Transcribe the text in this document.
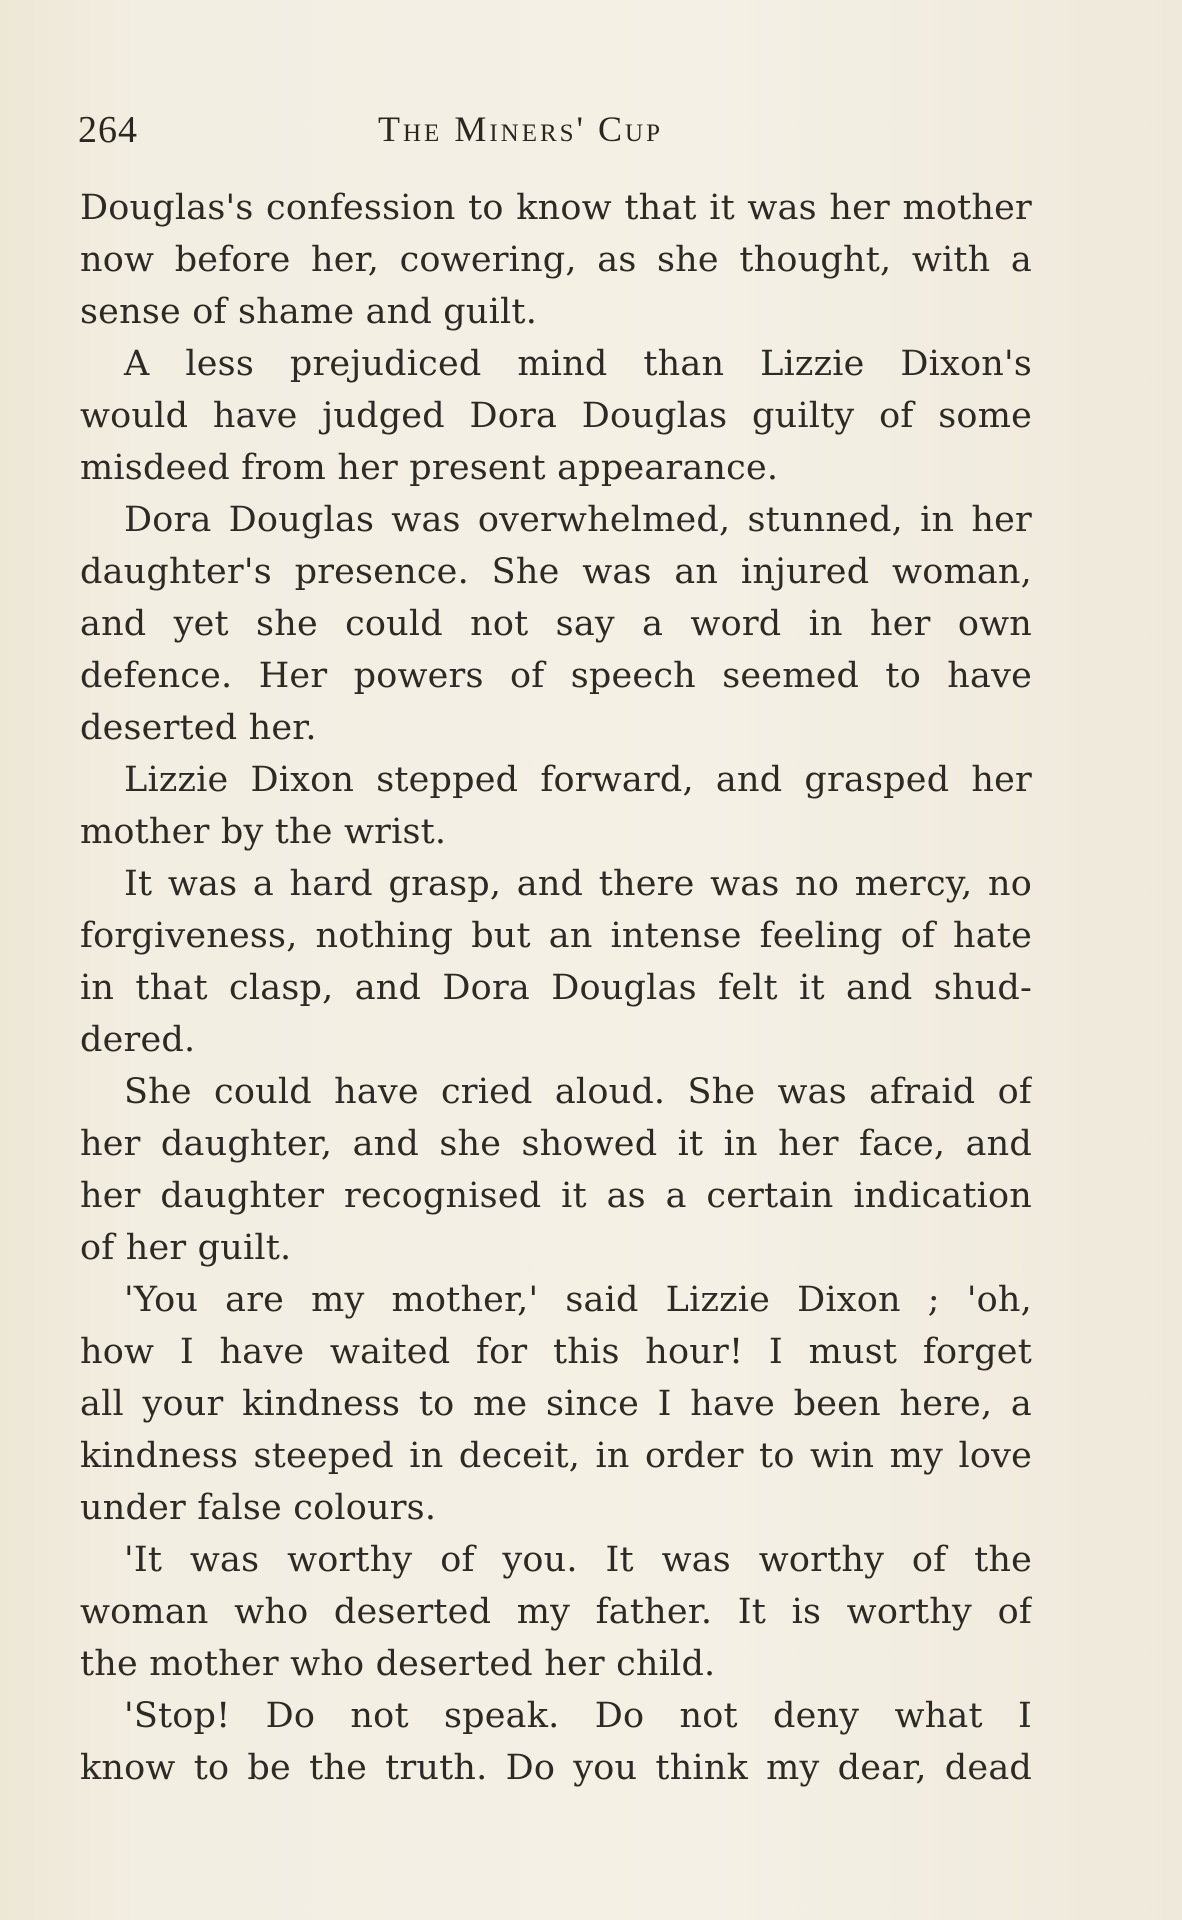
264	The Miners' Cup
Douglas's confession to know that it was her mother
now before her, cowering, as she thought, with a
sense of shame and guilt.
A less prejudiced mind than Lizzie Dixon's
would have judged Dora Douglas guilty of some
misdeed from her present appearance.
Dora Douglas was overwhelmed, stunned, in her
daughter's presence. She was an injured woman,
and yet she could not say a word in her own
defence. Her powers of speech seemed to have
deserted her.
Lizzie Dixon stepped forward, and grasped her
mother by the wrist.
It was a hard grasp, and there was no mercy, no
forgiveness, nothing but an intense feeling of hate
in that clasp, and Dora Douglas felt it and shud-
dered.
She could have cried aloud. She was afraid of
her daughter, and she showed it in her face, and
her daughter recognised it as a certain indication
of her guilt.
'You are my mother,' said Lizzie Dixon ; 'oh,
how I have waited for this hour! I must forget
all your kindness to me since I have been here, a
kindness steeped in deceit, in order to win my love
under false colours.
'It was worthy of you. It was worthy of the
woman who deserted my father. It is worthy of
the mother who deserted her child.
'Stop! Do not speak. Do not deny what I
know to be the truth. Do you think my dear, dead
